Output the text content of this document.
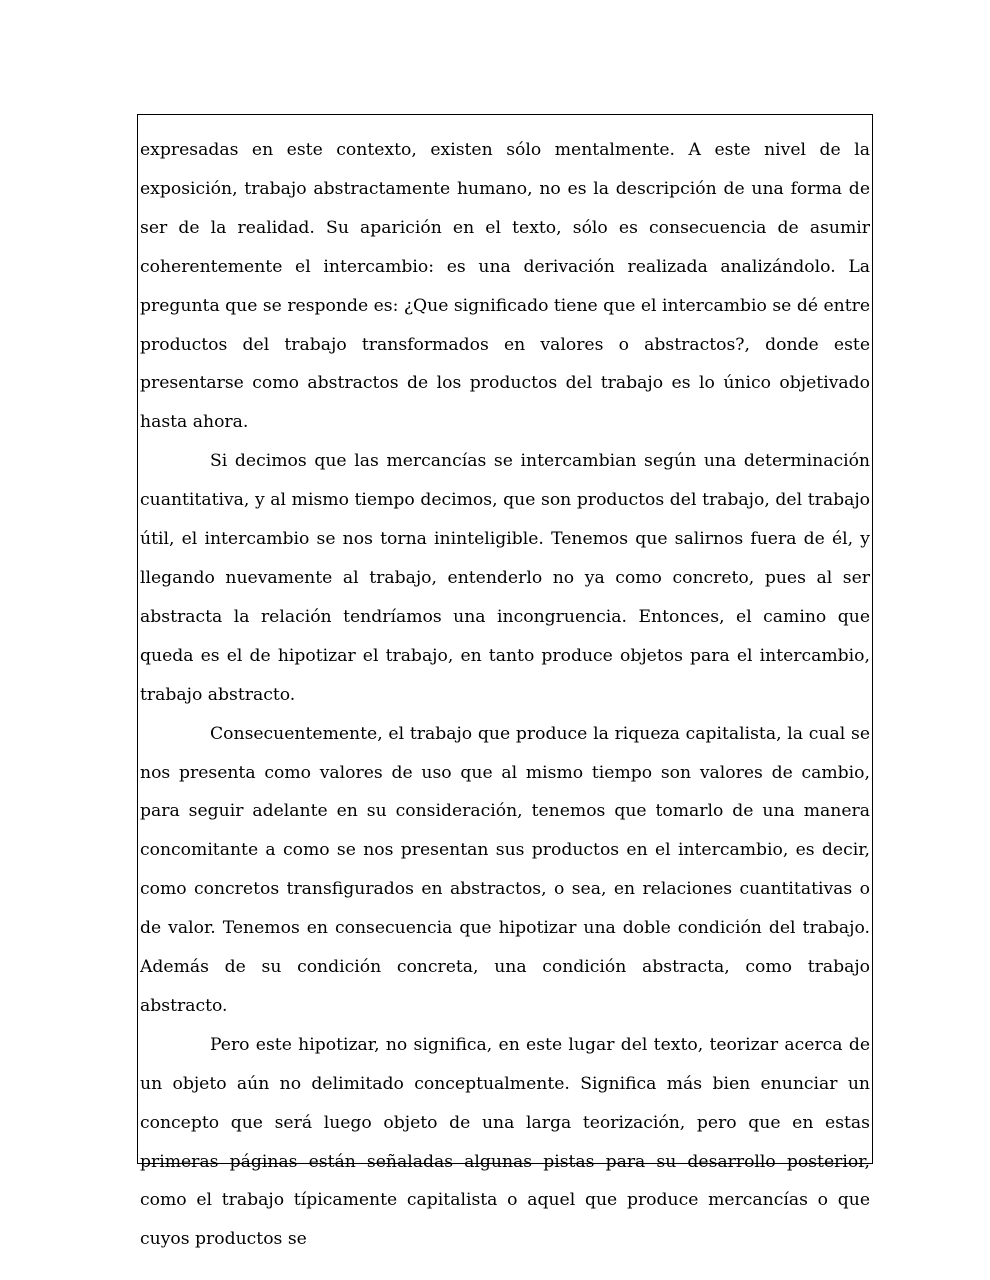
expresadas en este contexto, existen sólo mentalmente. A este nivel de la exposición, trabajo abstractamente humano, no es la descripción de una forma de ser de la realidad. Su aparición en el texto, sólo es consecuencia de asumir coherentemente el intercambio: es una derivación realizada analizándolo. La pregunta que se responde es: ¿Que significado tiene que el intercambio se dé entre productos del trabajo transformados en valores o abstractos?, donde este presentarse como abstractos de los productos del trabajo es lo único objetivado hasta ahora.

Si decimos que las mercancías se intercambian según una determinación cuantitativa, y al mismo tiempo decimos, que son productos del trabajo, del trabajo útil, el intercambio se nos torna ininteligible. Tenemos que salirnos fuera de él, y llegando nuevamente al trabajo, entenderlo no ya como concreto, pues al ser abstracta la relación tendríamos una incongruencia. Entonces, el camino que queda es el de hipotizar el trabajo, en tanto produce objetos para el intercambio, trabajo abstracto.

Consecuentemente, el trabajo que produce la riqueza capitalista, la cual se nos presenta como valores de uso que al mismo tiempo son valores de cambio, para seguir adelante en su consideración, tenemos que tomarlo de una manera concomitante a como se nos presentan sus productos en el intercambio, es decir, como concretos transfigurados en abstractos, o sea, en relaciones cuantitativas o de valor. Tenemos en consecuencia que hipotizar una doble condición del trabajo. Además de su condición concreta, una condición abstracta, como trabajo abstracto.

Pero este hipotizar, no significa, en este lugar del texto, teorizar acerca de un objeto aún no delimitado conceptualmente. Significa más bien enunciar un concepto que será luego objeto de una larga teorización, pero que en estas primeras páginas están señaladas algunas pistas para su desarrollo posterior, como el trabajo típicamente capitalista o aquel que produce mercancías o que cuyos productos se
